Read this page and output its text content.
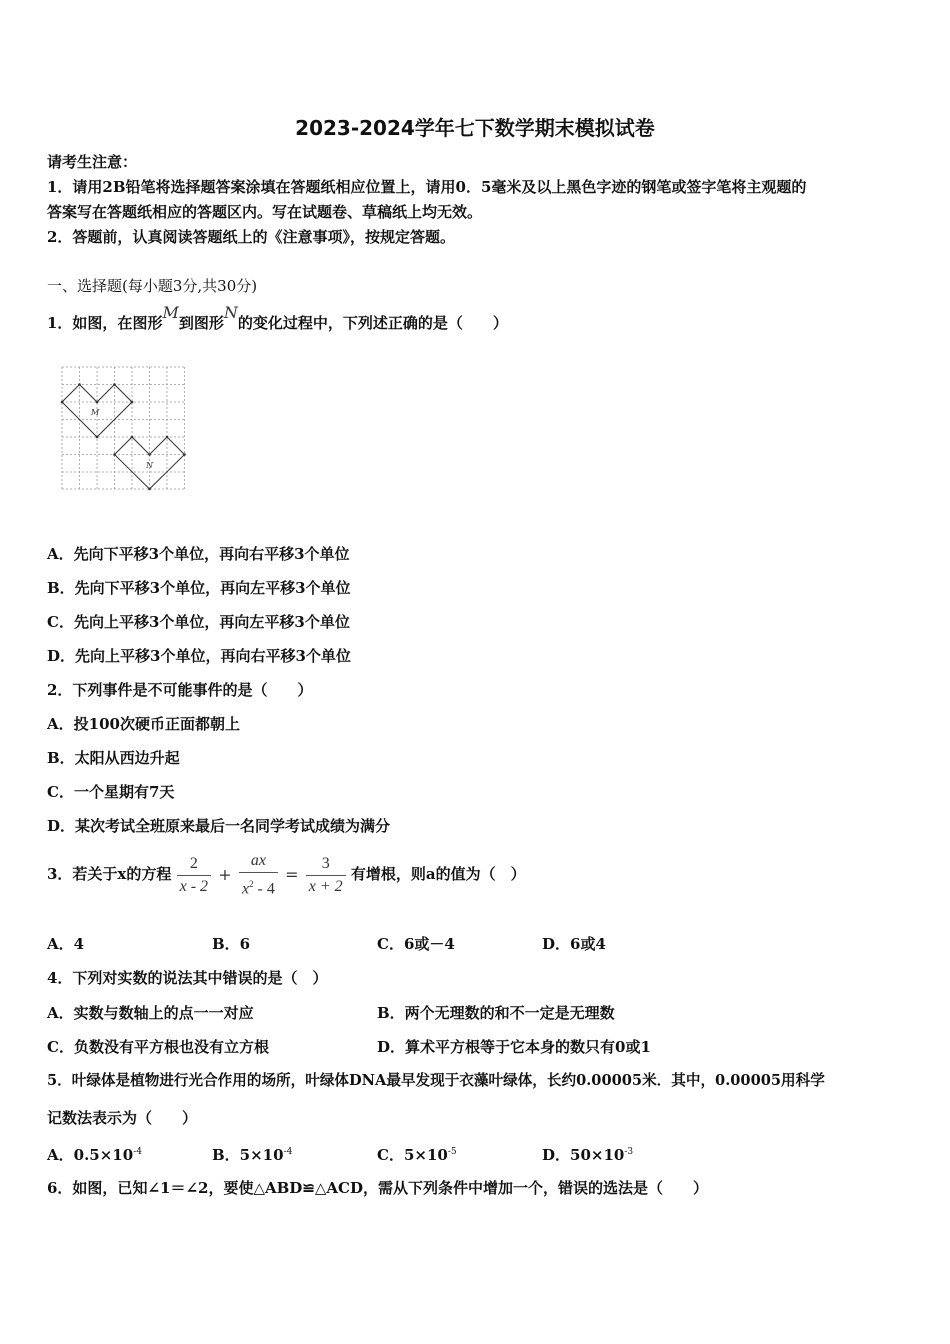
2023-2024学年七下数学期末模拟试卷
请考生注意：
1．请用2B铅笔将选择题答案涂填在答题纸相应位置上，请用0．5毫米及以上黑色字迹的钢笔或签字笔将主观题的
答案写在答题纸相应的答题区内。写在试题卷、草稿纸上均无效。
2．答题前，认真阅读答题纸上的《注意事项》，按规定答题。
一、选择题(每小题3分,共30分)
1．如图，在图形M到图形N的变化过程中，下列述正确的是（　　）
M
N
A．先向下平移3个单位，再向右平移3个单位
B．先向下平移3个单位，再向左平移3个单位
C．先向上平移3个单位，再向左平移3个单位
D．先向上平移3个单位，再向右平移3个单位
2．下列事件是不可能事件的是（　　）
A．投100次硬币正面都朝上
B．太阳从西边升起
C．一个星期有7天
D．某次考试全班原来最后一名同学考试成绩为满分
3．若关于x的方程 $\frac{2}{x - 2} + \frac{ax}{x^2 - 4} = \frac{3}{x + 2}$ 有增根，则a的值为（　）
A．4	B．6	C．6或－4	D．6或4
4．下列对实数的说法其中错误的是（　）
A．实数与数轴上的点一一对应	B．两个无理数的和不一定是无理数
C．负数没有平方根也没有立方根	D．算术平方根等于它本身的数只有0或1
5．叶绿体是植物进行光合作用的场所，叶绿体DNA最早发现于衣藻叶绿体，长约0.00005米．其中，0.00005用科学
记数法表示为（　　）
A．$0.5\times 10^{-4}$	B．$5\times 10^{-4}$	C．$5\times 10^{-5}$	D．$50\times 10^{-3}$
6．如图，已知∠1＝∠2，要使△ABD≌△ACD，需从下列条件中增加一个，错误的选法是（　　）
